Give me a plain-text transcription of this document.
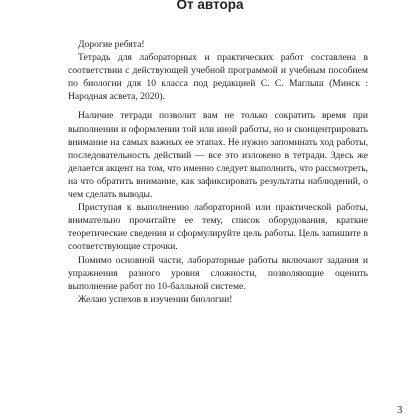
От автора

Дорогие ребята!

Тетрадь для лабораторных и практических работ составлена в соответствии с действующей учебной программой и учебным пособием по биологии для 10 класса под редакцией С. С. Маглыш (Минск : Народная асвета, 2020).

Наличие тетради позволит вам не только сократить время при выполнении и оформлении той или иной работы, но и сконцентрировать внимание на самых важных ее этапах. Не нужно запоминать ход работы, последовательность действий — все это изложено в тетради. Здесь же делается акцент на том, что именно следует выполнить, что рассмотреть, на что обратить внимание, как зафиксировать результаты наблюдений, о чем сделать выводы.

Приступая к выполнению лабораторной или практической работы, внимательно прочитайте ее тему, список оборудования, краткие теоретические сведения и сформулируйте цель работы. Цель запишите в соответствующие строчки.

Помимо основной части, лабораторные работы включают задания и упражнения разного уровня сложности, позволяющие оценить выполнение работ по 10-балльной системе.

Желаю успехов в изучении биологии!

3
